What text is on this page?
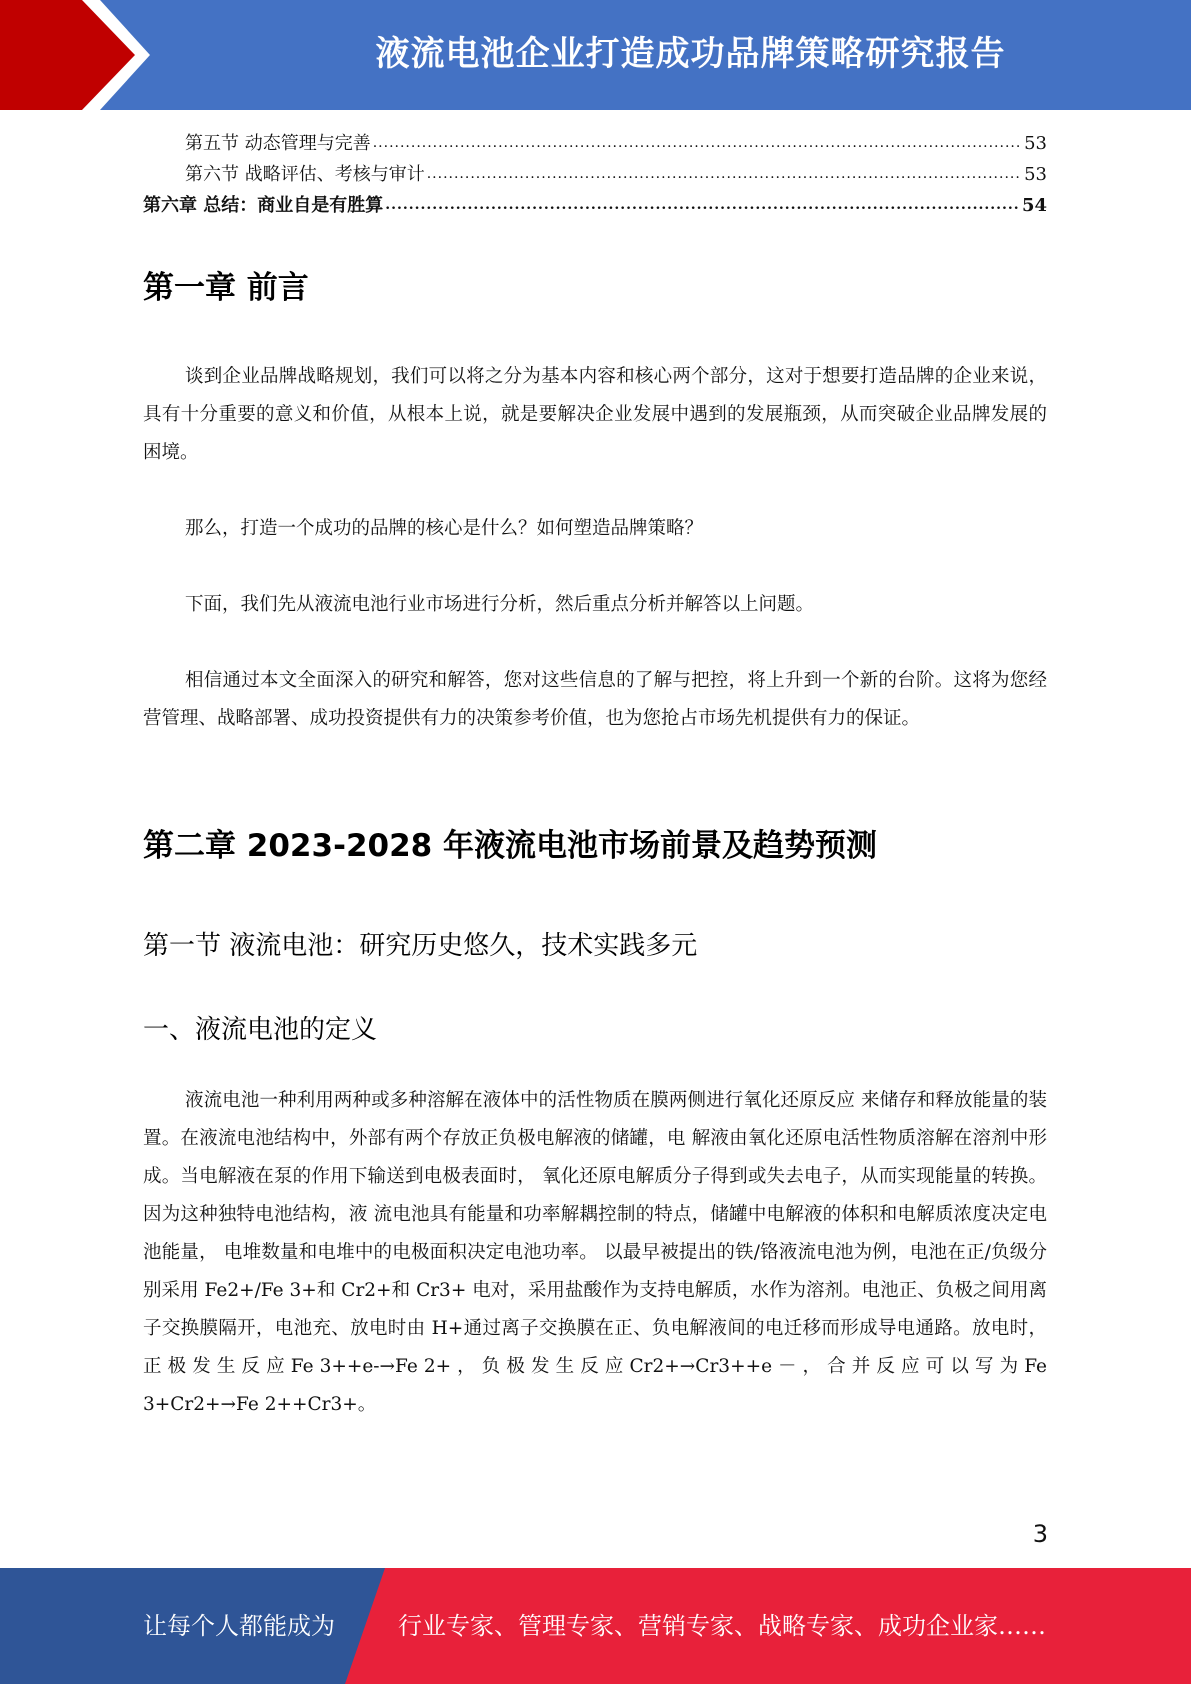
液流电池企业打造成功品牌策略研究报告
第五节 动态管理与完善 .....	53
第六节 战略评估、考核与审计 .....	53
第六章 总结：商业自是有胜算 .....	54
第一章 前言
谈到企业品牌战略规划，我们可以将之分为基本内容和核心两个部分，这对于想要打造品牌的企业来说，具有十分重要的意义和价值，从根本上说，就是要解决企业发展中遇到的发展瓶颈，从而突破企业品牌发展的困境。
那么，打造一个成功的品牌的核心是什么？如何塑造品牌策略？
下面，我们先从液流电池行业市场进行分析，然后重点分析并解答以上问题。
相信通过本文全面深入的研究和解答，您对这些信息的了解与把控，将上升到一个新的台阶。这将为您经营管理、战略部署、成功投资提供有力的决策参考价值，也为您抢占市场先机提供有力的保证。
第二章 2023-2028 年液流电池市场前景及趋势预测
第一节 液流电池：研究历史悠久，技术实践多元
一、液流电池的定义
液流电池一种利用两种或多种溶解在液体中的活性物质在膜两侧进行氧化还原反应 来储存和释放能量的装置。在液流电池结构中，外部有两个存放正负极电解液的储罐，电 解液由氧化还原电活性物质溶解在溶剂中形成。当电解液在泵的作用下输送到电极表面时， 氧化还原电解质分子得到或失去电子，从而实现能量的转换。因为这种独特电池结构，液 流电池具有能量和功率解耦控制的特点，储罐中电解液的体积和电解质浓度决定电池能量， 电堆数量和电堆中的电极面积决定电池功率。 以最早被提出的铁/铬液流电池为例，电池在正/负级分别采用 Fe2+/Fe 3+和 Cr2+和 Cr3+ 电对，采用盐酸作为支持电解质，水作为溶剂。电池正、负极之间用离子交换膜隔开，电池充、放电时由 H+通过离子交换膜在正、负电解液间的电迁移而形成导电通路。放电时， 正 极 发 生 反 应 Fe 3++e-→Fe 2+ ， 负 极 发 生 反 应 Cr2+→Cr3++e － ， 合 并 反 应 可 以 写 为 Fe 3+Cr2+→Fe 2++Cr3+。
3
让每个人都能成为	行业专家、管理专家、营销专家、战略专家、成功企业家……
